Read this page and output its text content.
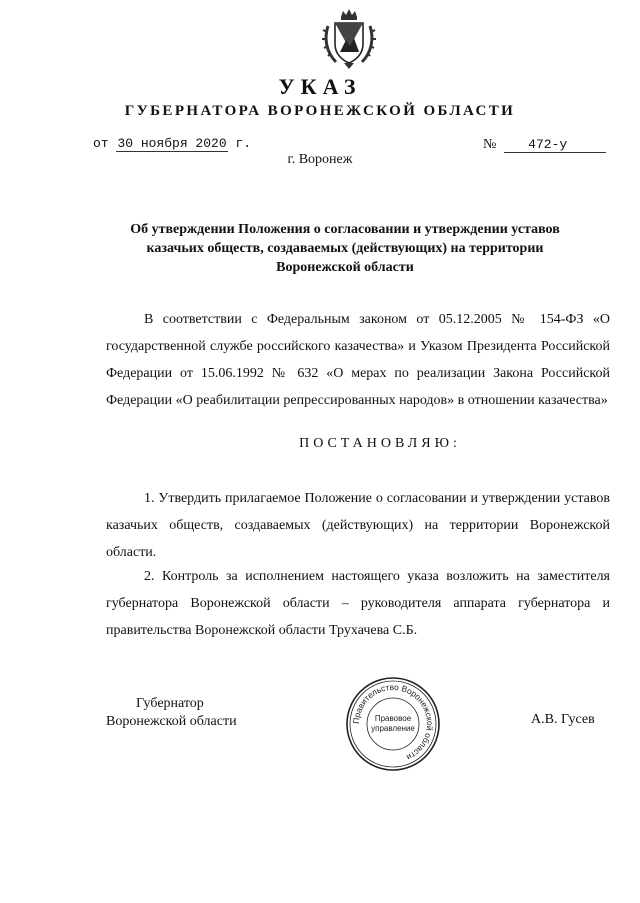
УКАЗ
ГУБЕРНАТОРА ВОРОНЕЖСКОЙ ОБЛАСТИ
от 30 ноября 2020 г.	№ 472-у
г. Воронеж
Об утверждении Положения о согласовании и утверждении уставов казачьих обществ, создаваемых (действующих) на территории Воронежской области
В соответствии с Федеральным законом от 05.12.2005 № 154-ФЗ «О государственной службе российского казачества» и Указом Президента Российской Федерации от 15.06.1992 № 632 «О мерах по реализации Закона Российской Федерации «О реабилитации репрессированных народов» в отношении казачества»
ПОСТАНОВЛЯЮ:
1. Утвердить прилагаемое Положение о согласовании и утверждении уставов казачьих обществ, создаваемых (действующих) на территории Воронежской области.
2. Контроль за исполнением настоящего указа возложить на заместителя губернатора Воронежской области – руководителя аппарата губернатора и правительства Воронежской области Трухачева С.Б.
Губернатор
Воронежской области	Правительство Воронежской области
Правовое
управление
А.В. Гусев
